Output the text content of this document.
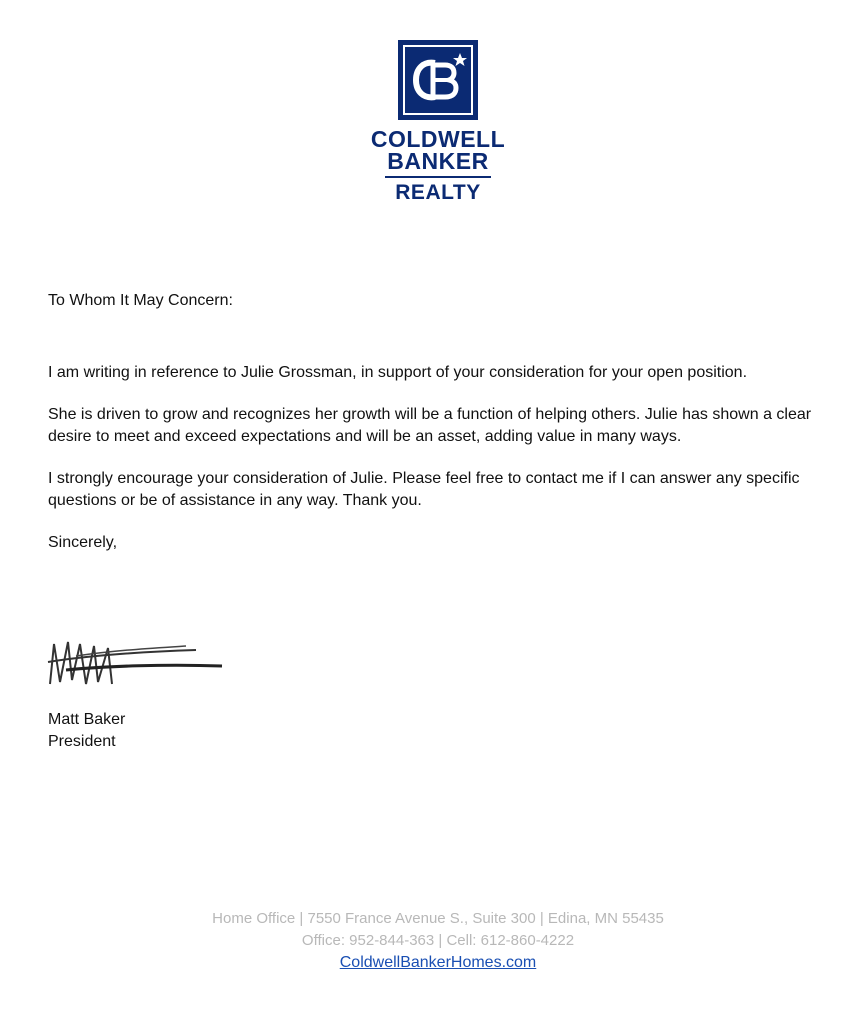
COLDWELL
BANKER
REALTY

To Whom It May Concern:

I am writing in reference to Julie Grossman, in support of your consideration for your open position.

She is driven to grow and recognizes her growth will be a function of helping others. Julie has shown a clear desire to meet and exceed expectations and will be an asset, adding value in many ways.

I strongly encourage your consideration of Julie. Please feel free to contact me if I can answer any specific questions or be of assistance in any way. Thank you.

Sincerely,

Matt Baker
President
Home Office | 7550 France Avenue S., Suite 300 | Edina, MN 55435
Office: 952-844-363 | Cell: 612-860-4222
ColdwellBankerHomes.com
